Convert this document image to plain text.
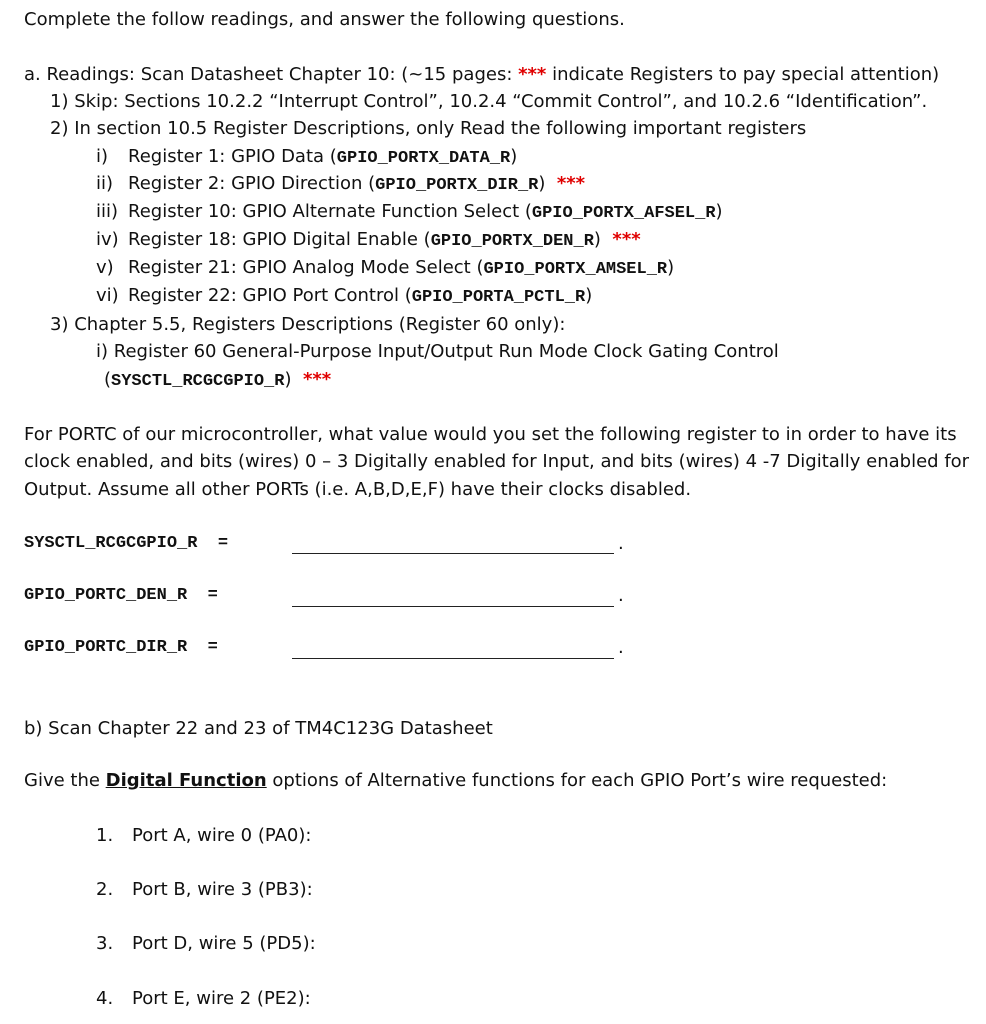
Complete the follow readings, and answer the following questions.
a. Readings: Scan Datasheet Chapter 10: (~15 pages: *** indicate Registers to pay special attention)
1) Skip: Sections 10.2.2 “Interrupt Control”, 10.2.4 “Commit Control”, and 10.2.6 “Identification”.
2) In section 10.5 Register Descriptions, only Read the following important registers
i) Register 1: GPIO Data (GPIO_PORTX_DATA_R)
ii) Register 2: GPIO Direction (GPIO_PORTX_DIR_R) ***
iii) Register 10: GPIO Alternate Function Select (GPIO_PORTX_AFSEL_R)
iv) Register 18: GPIO Digital Enable (GPIO_PORTX_DEN_R) ***
v) Register 21: GPIO Analog Mode Select (GPIO_PORTX_AMSEL_R)
vi) Register 22: GPIO Port Control (GPIO_PORTA_PCTL_R)
3) Chapter 5.5, Registers Descriptions (Register 60 only):
i) Register 60 General-Purpose Input/Output Run Mode Clock Gating Control
(SYSCTL_RCGCGPIO_R) ***
For PORTC of our microcontroller, what value would you set the following register to in order to have its
clock enabled, and bits (wires) 0 – 3 Digitally enabled for Input, and bits (wires) 4 -7 Digitally enabled for
Output. Assume all other PORTs (i.e. A,B,D,E,F) have their clocks disabled.
SYSCTL_RCGCGPIO_R =	.
GPIO_PORTC_DEN_R =	.
GPIO_PORTC_DIR_R =	.
b) Scan Chapter 22 and 23 of TM4C123G Datasheet
Give the Digital Function options of Alternative functions for each GPIO Port’s wire requested:
1. Port A, wire 0 (PA0):
2. Port B, wire 3 (PB3):
3. Port D, wire 5 (PD5):
4. Port E, wire 2 (PE2):
